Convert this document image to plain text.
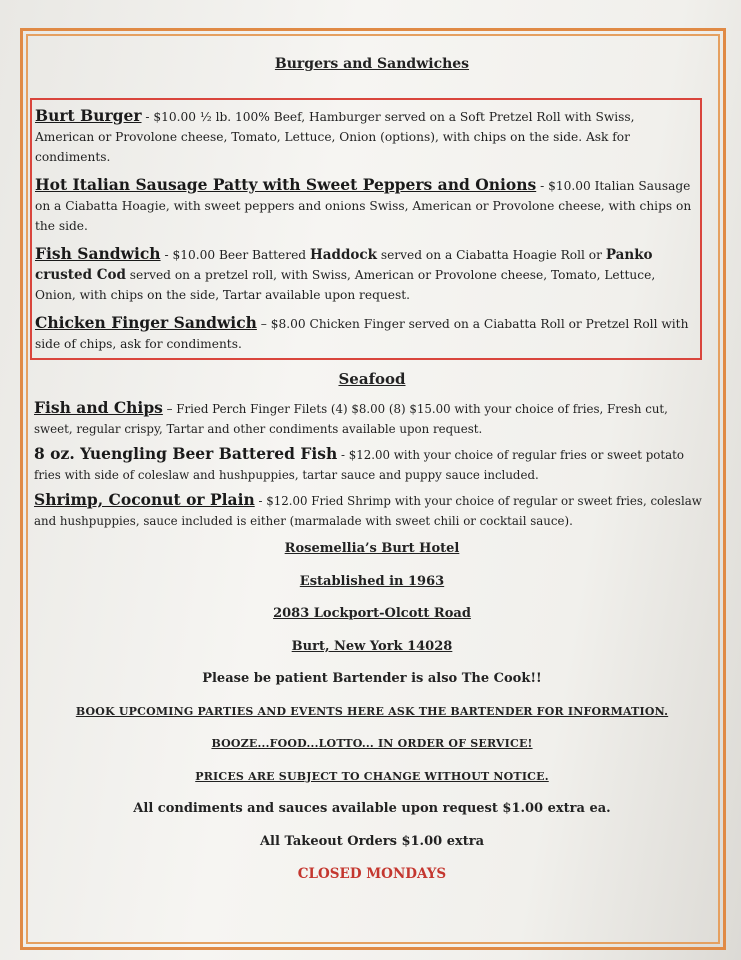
Burgers and Sandwiches
Burt Burger - $10.00 ½ lb. 100% Beef, Hamburger served on a Soft Pretzel Roll with Swiss, American or Provolone cheese, Tomato, Lettuce, Onion (options), with chips on the side. Ask for condiments.
Hot Italian Sausage Patty with Sweet Peppers and Onions - $10.00 Italian Sausage on a Ciabatta Hoagie, with sweet peppers and onions Swiss, American or Provolone cheese, with chips on the side.
Fish Sandwich - $10.00 Beer Battered Haddock served on a Ciabatta Hoagie Roll or Panko crusted Cod served on a pretzel roll, with Swiss, American or Provolone cheese, Tomato, Lettuce, Onion, with chips on the side, Tartar available upon request.
Chicken Finger Sandwich – $8.00 Chicken Finger served on a Ciabatta Roll or Pretzel Roll with side of chips, ask for condiments.
Seafood
Fish and Chips – Fried Perch Finger Filets (4) $8.00 (8) $15.00 with your choice of fries, Fresh cut, sweet, regular crispy, Tartar and other condiments available upon request.
8 oz. Yuengling Beer Battered Fish - $12.00 with your choice of regular fries or sweet potato fries with side of coleslaw and hushpuppies, tartar sauce and puppy sauce included.
Shrimp, Coconut or Plain - $12.00 Fried Shrimp with your choice of regular or sweet fries, coleslaw and hushpuppies, sauce included is either (marmalade with sweet chili or cocktail sauce).
Rosemellia’s Burt Hotel
Established in 1963
2083 Lockport-Olcott Road
Burt, New York 14028
Please be patient Bartender is also The Cook!!
BOOK UPCOMING PARTIES AND EVENTS HERE ASK THE BARTENDER FOR INFORMATION.
BOOZE...FOOD...LOTTO... IN ORDER OF SERVICE!
PRICES ARE SUBJECT TO CHANGE WITHOUT NOTICE.
All condiments and sauces available upon request $1.00 extra ea.
All Takeout Orders $1.00 extra
CLOSED MONDAYS
